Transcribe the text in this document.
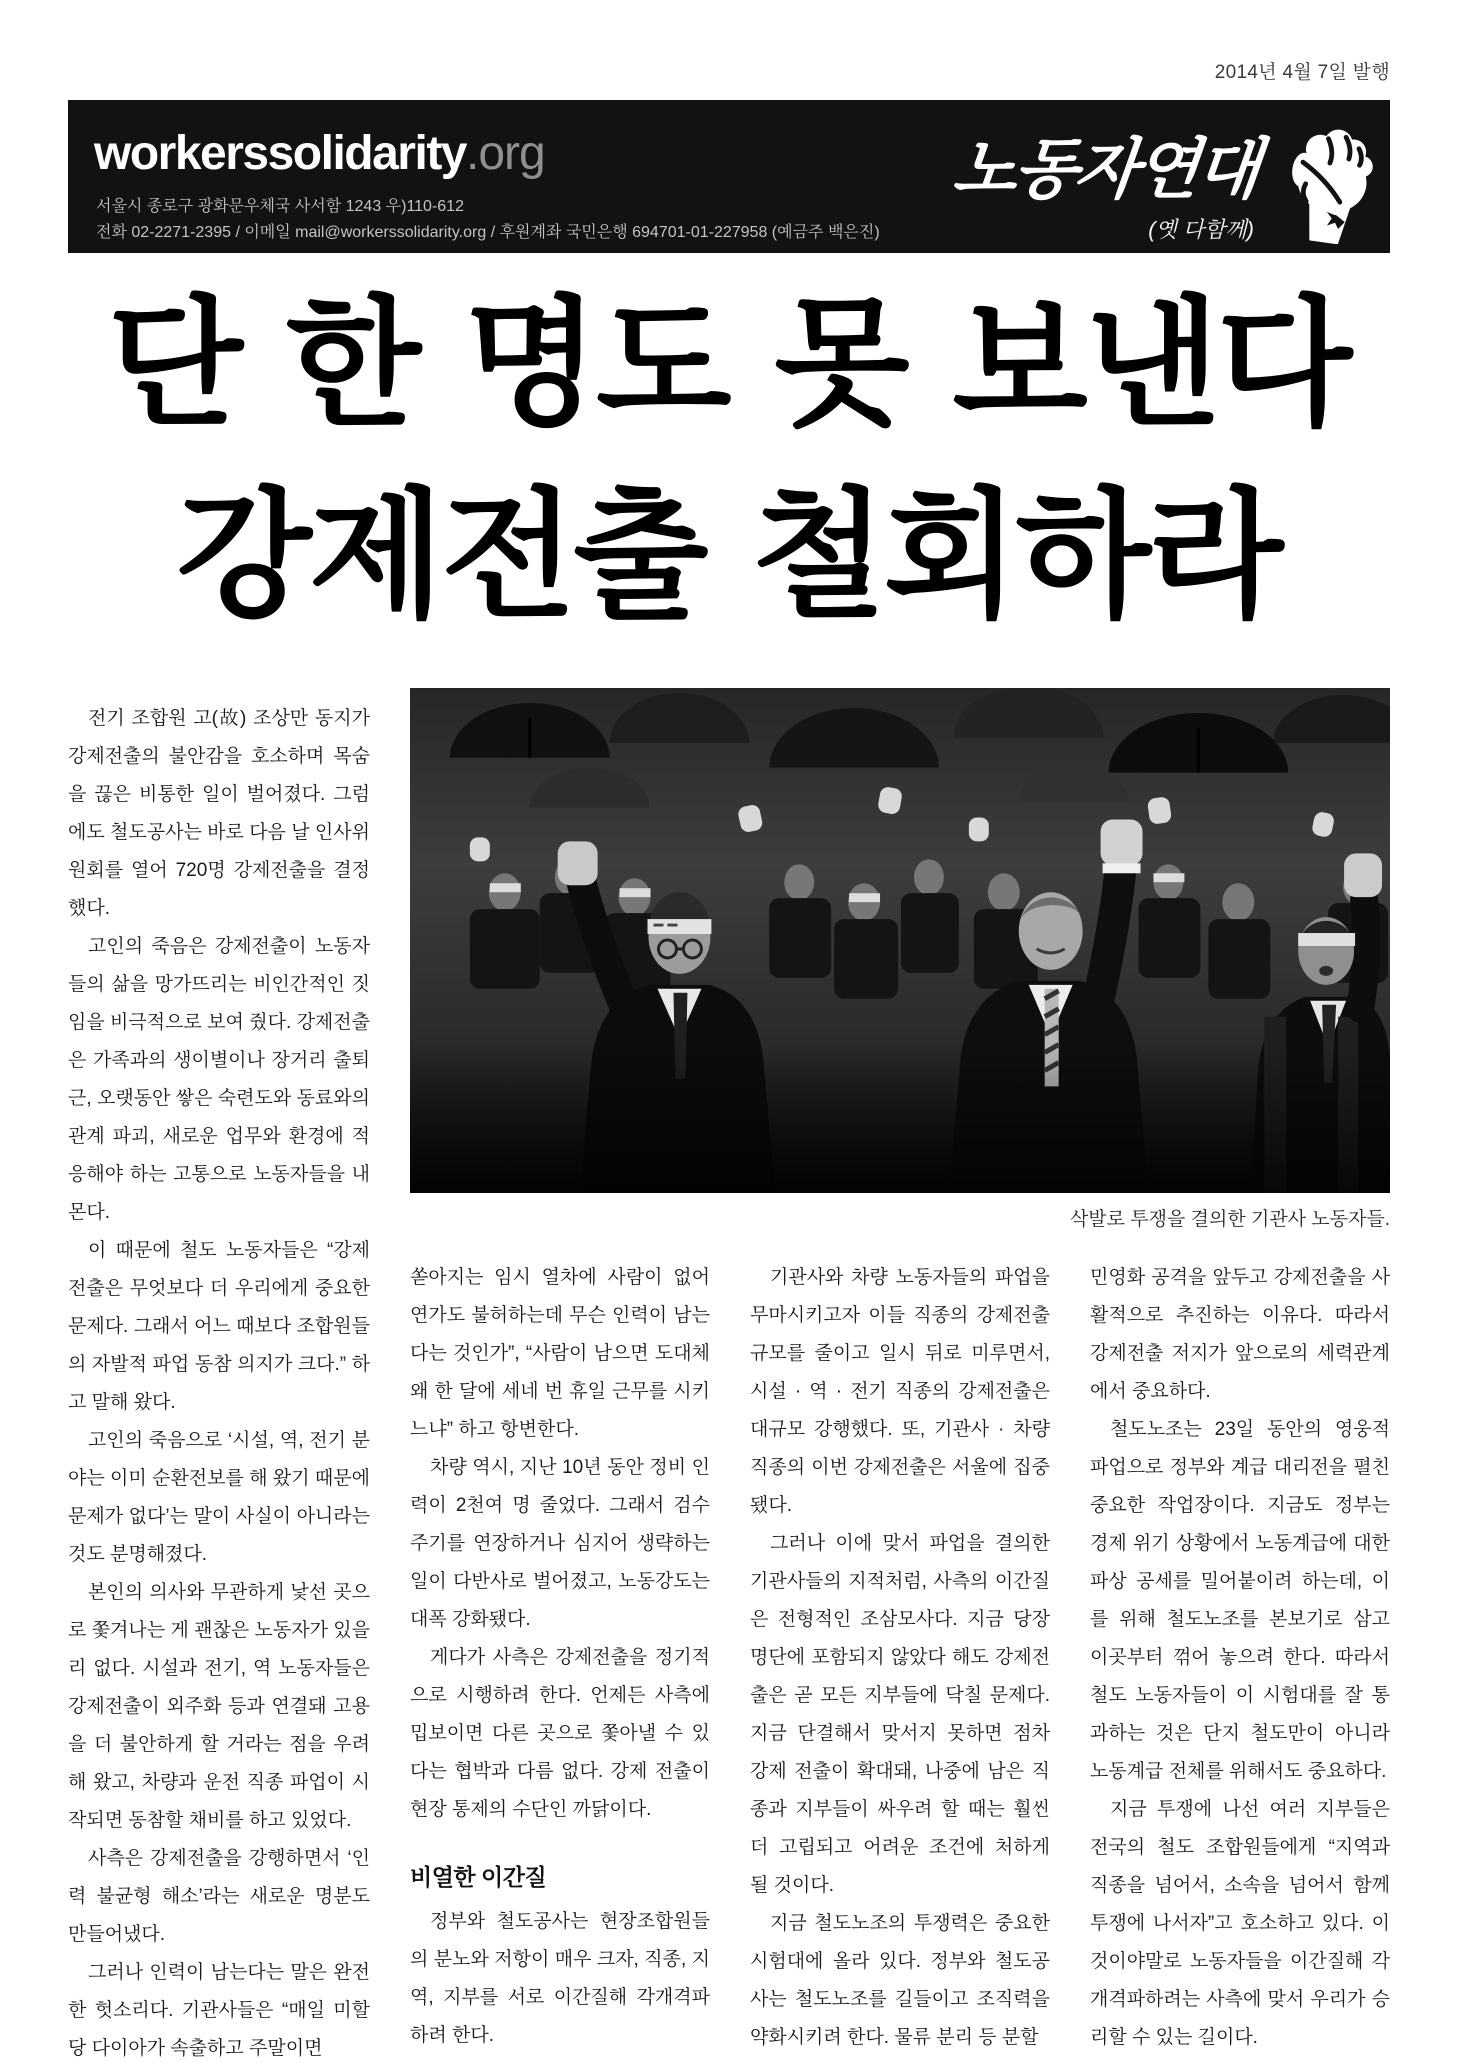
2014년 4월 7일 발행
workerssolidarity.org
서울시 종로구 광화문우체국 사서함 1243 우)110-612
전화 02-2271-2395 / 이메일 mail@workerssolidarity.org / 후원계좌 국민은행 694701-01-227958 (예금주 백은진)
노동자연대
(옛 다함께)
단 한 명도 못 보낸다
강제전출 철회하라

전기 조합원 고(故) 조상만 동지가 강제전출의 불안감을 호소하며 목숨을 끊은 비통한 일이 벌어졌다. 그럼에도 철도공사는 바로 다음 날 인사위원회를 열어 720명 강제전출을 결정했다.

고인의 죽음은 강제전출이 노동자들의 삶을 망가뜨리는 비인간적인 짓임을 비극적으로 보여 줬다. 강제전출은 가족과의 생이별이나 장거리 출퇴근, 오랫동안 쌓은 숙련도와 동료와의 관계 파괴, 새로운 업무와 환경에 적응해야 하는 고통으로 노동자들을 내몬다.

이 때문에 철도 노동자들은 “강제전출은 무엇보다 더 우리에게 중요한 문제다. 그래서 어느 때보다 조합원들의 자발적 파업 동참 의지가 크다.” 하고 말해 왔다.

고인의 죽음으로 ‘시설, 역, 전기 분야는 이미 순환전보를 해 왔기 때문에 문제가 없다’는 말이 사실이 아니라는 것도 분명해졌다.

본인의 의사와 무관하게 낯선 곳으로 쫓겨나는 게 괜찮은 노동자가 있을 리 없다. 시설과 전기, 역 노동자들은 강제전출이 외주화 등과 연결돼 고용을 더 불안하게 할 거라는 점을 우려해 왔고, 차량과 운전 직종 파업이 시작되면 동참할 채비를 하고 있었다.

사측은 강제전출을 강행하면서 ‘인력 불균형 해소’라는 새로운 명분도 만들어냈다.

그러나 인력이 남는다는 말은 완전한 헛소리다. 기관사들은 “매일 미할당 다이아가 속출하고 주말이면

삭발로 투쟁을 결의한 기관사 노동자들.

쏟아지는 임시 열차에 사람이 없어 연가도 불허하는데 무슨 인력이 남는다는 것인가”, “사람이 남으면 도대체 왜 한 달에 세네 번 휴일 근무를 시키느냐” 하고 항변한다.

차량 역시, 지난 10년 동안 정비 인력이 2천여 명 줄었다. 그래서 검수 주기를 연장하거나 심지어 생략하는 일이 다반사로 벌어졌고, 노동강도는 대폭 강화됐다.

게다가 사측은 강제전출을 정기적으로 시행하려 한다. 언제든 사측에 밉보이면 다른 곳으로 쫓아낼 수 있다는 협박과 다름 없다. 강제 전출이 현장 통제의 수단인 까닭이다.

비열한 이간질

정부와 철도공사는 현장조합원들의 분노와 저항이 매우 크자, 직종, 지역, 지부를 서로 이간질해 각개격파하려 한다.

기관사와 차량 노동자들의 파업을 무마시키고자 이들 직종의 강제전출 규모를 줄이고 일시 뒤로 미루면서, 시설 · 역 · 전기 직종의 강제전출은 대규모 강행했다. 또, 기관사 · 차량 직종의 이번 강제전출은 서울에 집중됐다.

그러나 이에 맞서 파업을 결의한 기관사들의 지적처럼, 사측의 이간질은 전형적인 조삼모사다. 지금 당장 명단에 포함되지 않았다 해도 강제전출은 곧 모든 지부들에 닥칠 문제다. 지금 단결해서 맞서지 못하면 점차 강제 전출이 확대돼, 나중에 남은 직종과 지부들이 싸우려 할 때는 훨씬 더 고립되고 어려운 조건에 처하게 될 것이다.

지금 철도노조의 투쟁력은 중요한 시험대에 올라 있다. 정부와 철도공사는 철도노조를 길들이고 조직력을 약화시키려 한다. 물류 분리 등 분할

민영화 공격을 앞두고 강제전출을 사활적으로 추진하는 이유다. 따라서 강제전출 저지가 앞으로의 세력관계에서 중요하다.

철도노조는 23일 동안의 영웅적 파업으로 정부와 계급 대리전을 펼친 중요한 작업장이다. 지금도 정부는 경제 위기 상황에서 노동계급에 대한 파상 공세를 밀어붙이려 하는데, 이를 위해 철도노조를 본보기로 삼고 이곳부터 꺾어 놓으려 한다. 따라서 철도 노동자들이 이 시험대를 잘 통과하는 것은 단지 철도만이 아니라 노동계급 전체를 위해서도 중요하다.

지금 투쟁에 나선 여러 지부들은 전국의 철도 조합원들에게 “지역과 직종을 넘어서, 소속을 넘어서 함께 투쟁에 나서자”고 호소하고 있다. 이것이야말로 노동자들을 이간질해 각개격파하려는 사측에 맞서 우리가 승리할 수 있는 길이다.
